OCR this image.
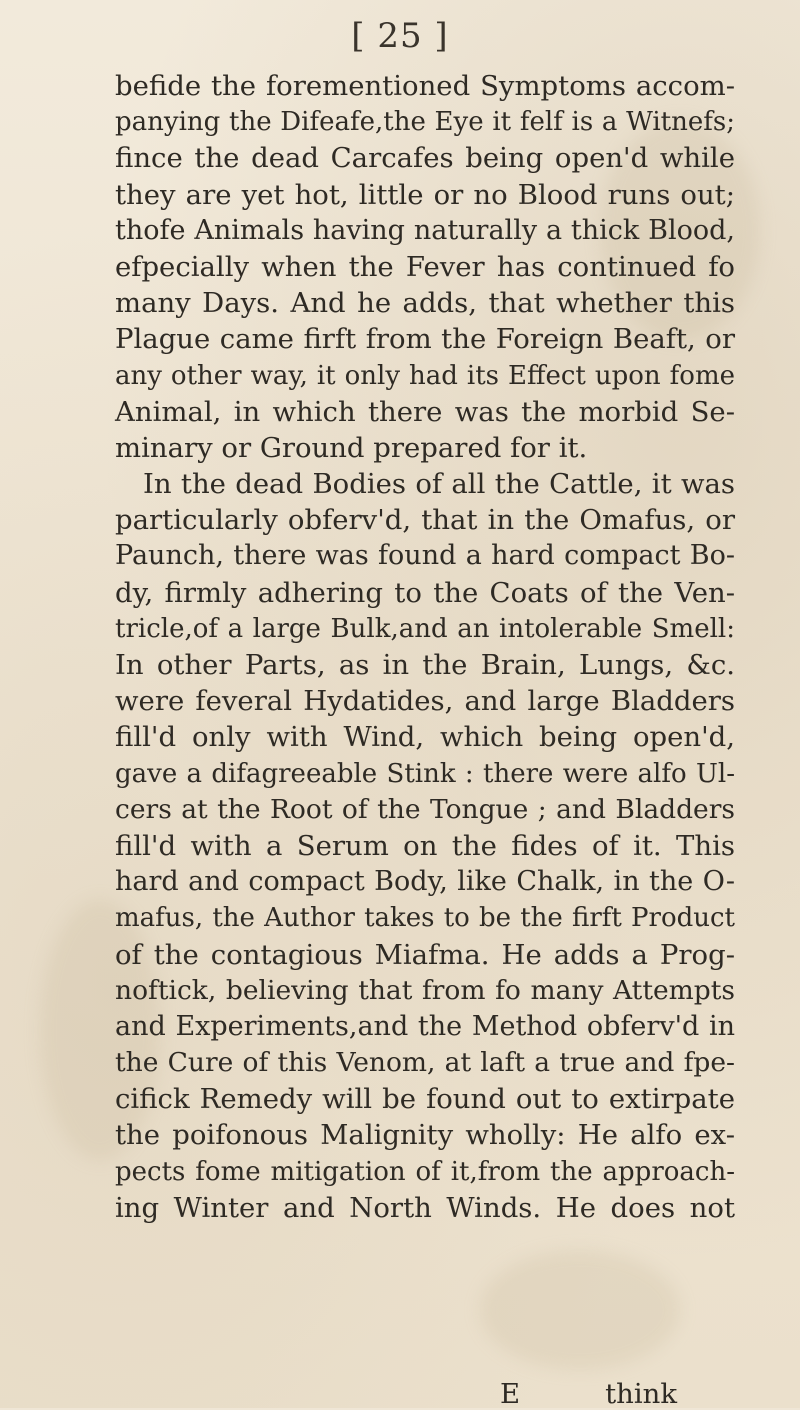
[ 25 ]
befide the forementioned Symptoms accom-
panying the Difeafe,the Eye it felf is a Witnefs;
fince the dead Carcafes being open'd while
they are yet hot, little or no Blood runs out;
thofe Animals having naturally a thick Blood,
efpecially when the Fever has continued fo
many Days. And he adds, that whether this
Plague came firft from the Foreign Beaft, or
any other way, it only had its Effect upon fome
Animal, in which there was the morbid Se-
minary or Ground prepared for it.
In the dead Bodies of all the Cattle, it was
particularly obferv'd, that in the Omafus, or
Paunch, there was found a hard compact Bo-
dy, firmly adhering to the Coats of the Ven-
tricle,of a large Bulk,and an intolerable Smell:
In other Parts, as in the Brain, Lungs, &c.
were feveral Hydatides, and large Bladders
fill'd only with Wind, which being open'd,
gave a difagreeable Stink : there were alfo Ul-
cers at the Root of the Tongue ; and Bladders
fill'd with a Serum on the fides of it. This
hard and compact Body, like Chalk, in the O-
mafus, the Author takes to be the firft Product
of the contagious Miafma. He adds a Prog-
noftick, believing that from fo many Attempts
and Experiments,and the Method obferv'd in
the Cure of this Venom, at laft a true and fpe-
cifick Remedy will be found out to extirpate
the poifonous Malignity wholly: He alfo ex-
pects fome mitigation of it,from the approach-
ing Winter and North Winds. He does not
E	think
